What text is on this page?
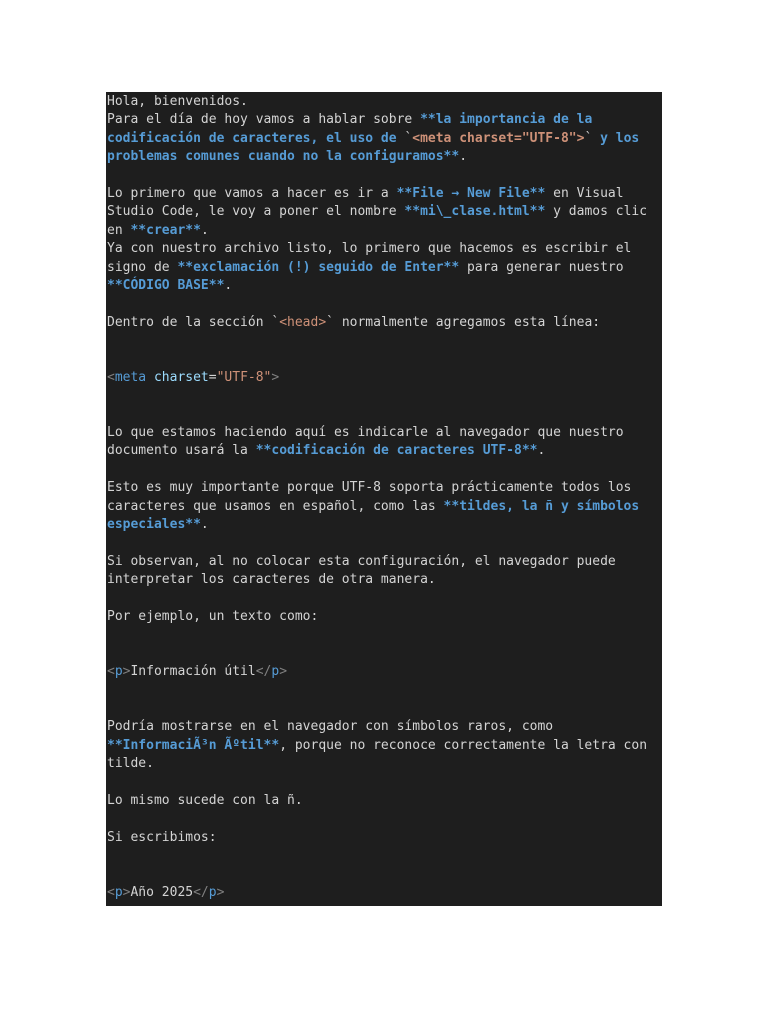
Hola, bienvenidos.
Para el día de hoy vamos a hablar sobre **la importancia de la
codificación de caracteres, el uso de `<meta charset="UTF-8">` y los
problemas comunes cuando no la configuramos**.
Lo primero que vamos a hacer es ir a **File → New File** en Visual
Studio Code, le voy a poner el nombre **mi\_clase.html** y damos clic
en **crear**.
Ya con nuestro archivo listo, lo primero que hacemos es escribir el
signo de **exclamación (!) seguido de Enter** para generar nuestro
**CÓDIGO BASE**.
Dentro de la sección `<head>` normalmente agregamos esta línea:
<meta charset="UTF-8">
Lo que estamos haciendo aquí es indicarle al navegador que nuestro
documento usará la **codificación de caracteres UTF-8**.
Esto es muy importante porque UTF-8 soporta prácticamente todos los
caracteres que usamos en español, como las **tildes, la ñ y símbolos
especiales**.
Si observan, al no colocar esta configuración, el navegador puede
interpretar los caracteres de otra manera.
Por ejemplo, un texto como:
<p>Información útil</p>
Podría mostrarse en el navegador con símbolos raros, como
**InformaciÃ³n Ãºtil**, porque no reconoce correctamente la letra con
tilde.
Lo mismo sucede con la ñ.
Si escribimos:
<p>Año 2025</p>
